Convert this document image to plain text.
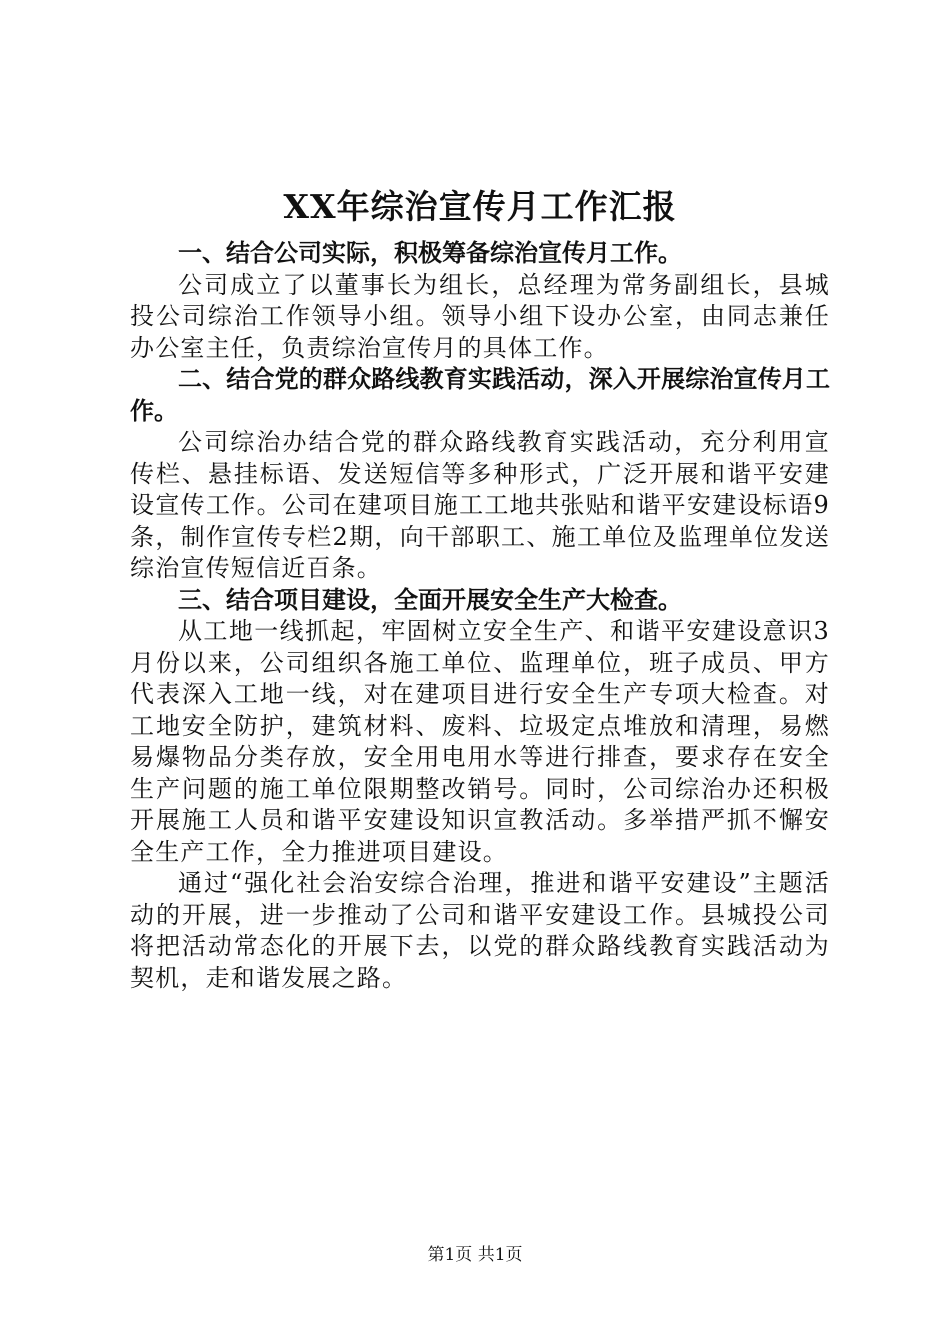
XX年综治宣传月工作汇报

一、结合公司实际，积极筹备综治宣传月工作。

公司成立了以董事长为组长，总经理为常务副组长，县城投公司综治工作领导小组。领导小组下设办公室，由同志兼任办公室主任，负责综治宣传月的具体工作。

二、结合党的群众路线教育实践活动，深入开展综治宣传月工作。

公司综治办结合党的群众路线教育实践活动，充分利用宣传栏、悬挂标语、发送短信等多种形式，广泛开展和谐平安建设宣传工作。公司在建项目施工工地共张贴和谐平安建设标语9条，制作宣传专栏2期，向干部职工、施工单位及监理单位发送综治宣传短信近百条。

三、结合项目建设，全面开展安全生产大检查。

从工地一线抓起，牢固树立安全生产、和谐平安建设意识3月份以来，公司组织各施工单位、监理单位，班子成员、甲方代表深入工地一线，对在建项目进行安全生产专项大检查。对工地安全防护，建筑材料、废料、垃圾定点堆放和清理，易燃易爆物品分类存放，安全用电用水等进行排查，要求存在安全生产问题的施工单位限期整改销号。同时，公司综治办还积极开展施工人员和谐平安建设知识宣教活动。多举措严抓不懈安全生产工作，全力推进项目建设。

通过“强化社会治安综合治理，推进和谐平安建设”主题活动的开展，进一步推动了公司和谐平安建设工作。县城投公司将把活动常态化的开展下去，以党的群众路线教育实践活动为契机，走和谐发展之路。

第1页 共1页
